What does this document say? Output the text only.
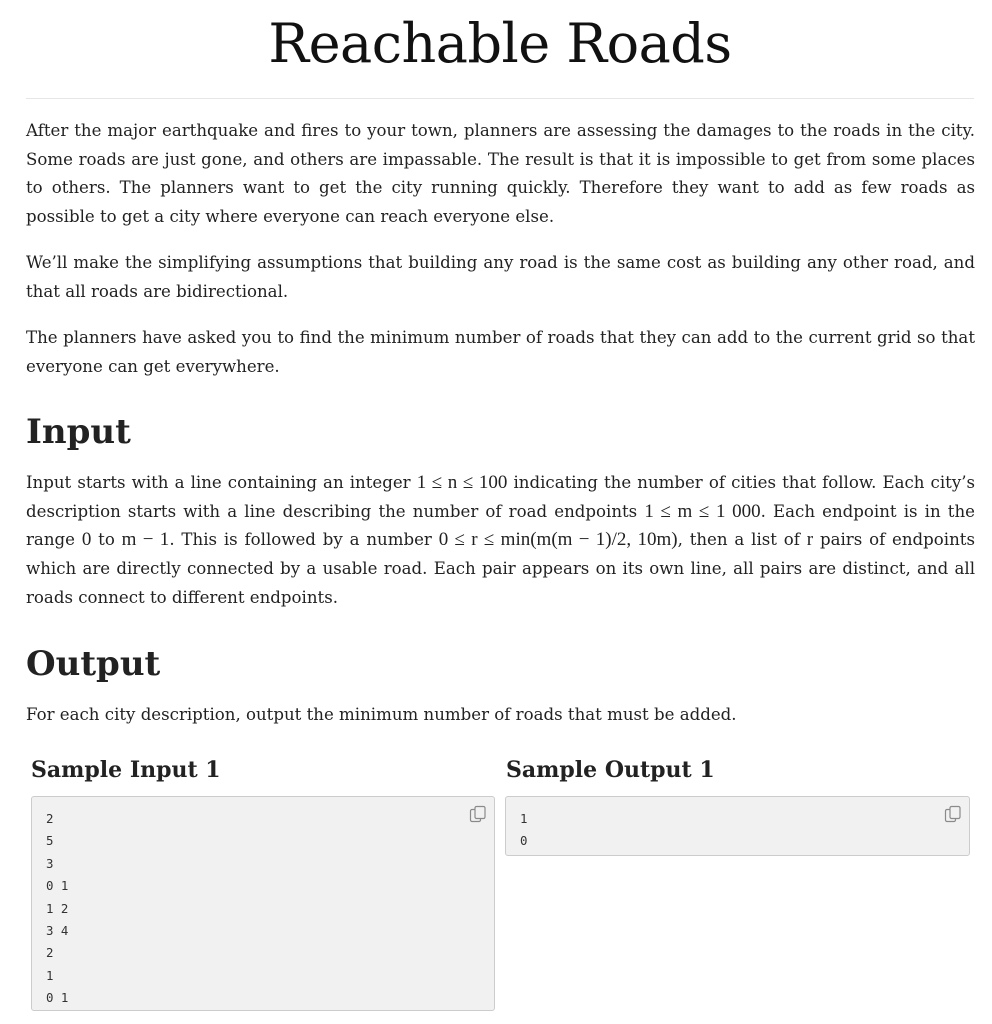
Reachable Roads

After the major earthquake and fires to your town, planners are assessing the damages to the roads in the city. Some roads are just gone, and others are impassable. The result is that it is impossible to get from some places to others. The planners want to get the city running quickly. Therefore they want to add as few roads as possible to get a city where everyone can reach everyone else.

We’ll make the simplifying assumptions that building any road is the same cost as building any other road, and that all roads are bidirectional.

The planners have asked you to find the minimum number of roads that they can add to the current grid so that everyone can get everywhere.

Input

Input starts with a line containing an integer 1 ≤ n ≤ 100 indicating the number of cities that follow. Each city’s description starts with a line describing the number of road endpoints 1 ≤ m ≤ 1 000. Each endpoint is in the range 0 to m − 1. This is followed by a number 0 ≤ r ≤ min(m(m − 1)/2, 10m), then a list of r pairs of endpoints which are directly connected by a usable road. Each pair appears on its own line, all pairs are distinct, and all roads connect to different endpoints.

Output

For each city description, output the minimum number of roads that must be added.

Sample Input 1	Sample Output 1
2
5
3
0 1
1 2
3 4
2
1
0 1
1
0
